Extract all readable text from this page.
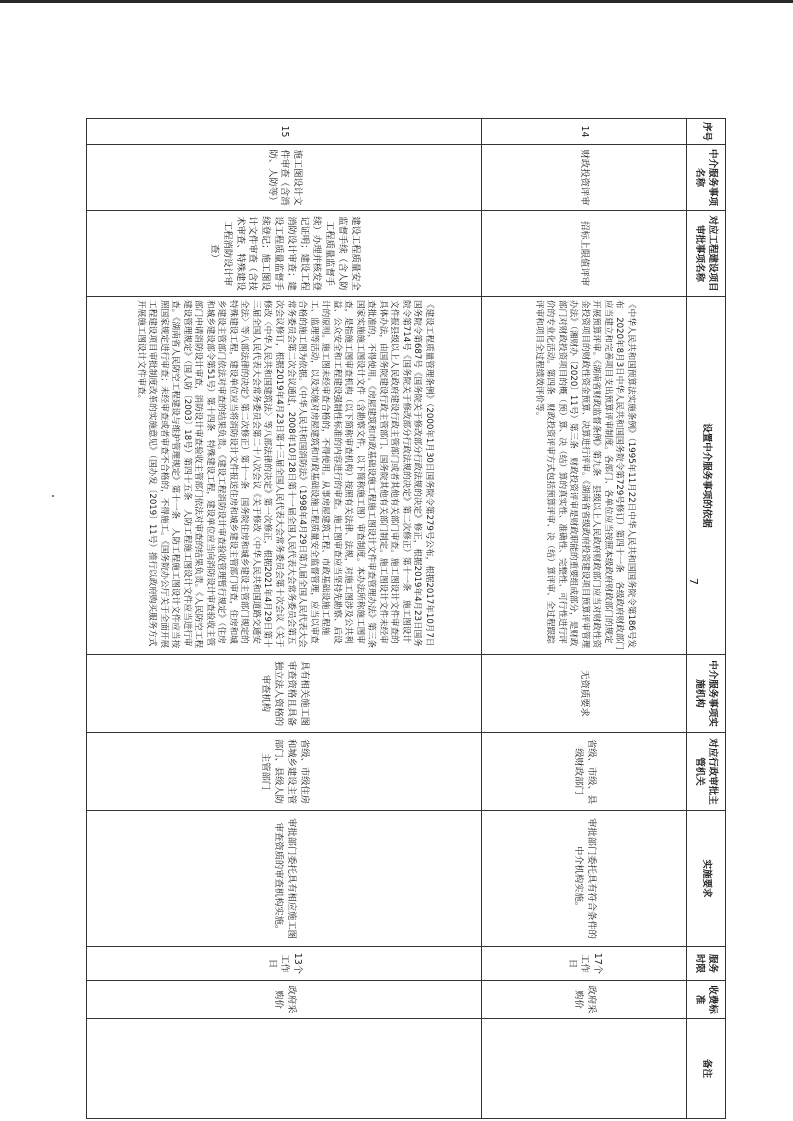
7
序号	中介服务事项名称	对应工程建设项目审批事项名称	设置中介服务事项的依据	中介服务事项实施机构	对应行政审批主管机关	实施要求	服务时限	收费标准	备注
14	财政投资评审	招标上限值评审	《中华人民共和国预算法实施条例》（1995年11月22日中华人民共和国国务院令第186号发布　2020年8月3日中华人民共和国国务院令第729号修订）第四十一条　各级政府财政部门应当建立和完善项目支出预算评审制度。各部门、各单位应当按照本级政府财政部门的规定开展预算评审。《湖南省财政监督条例》第九条　县级以上人民政府财政部门应当对财政性资金投资项目的财政性资金预算、决算进行评审。《湖南省省级政府投资建设项目预算评审管理办法》（湘财办〔2020〕11号）第三条　财政投资评审是财政职能的重要组成部分，是财政部门对财政投资项目的概（预）算、决（结）算的真实性、准确性、完整性、可行性进行评价的专业化活动。第四条　财政投资评审方式包括预算评审、决（结）算评审、全过程跟踪评审和项目全过程绩效评价等。	无资质要求	省级、市级、县级财政部门	审批部门委托具有符合条件的中介机构实施。	17个工作日	政府采购价	
15	施工图设计文件审查（含消防、人防等）	建设工程质量安全监督手续（含人防工程质量监督手续）办理并核发登记证明；建设工程消防设计审查；建设工程质量监督手续登记；施工图设计文件审查（含技术审查、特殊建设工程消防设计审查）	《建设工程质量管理条例》（2000年1月30日国务院令第279号公布，根据2017年10月7日国务院令第687号《国务院关于修改部分行政法规的决定》修正，根据2019年4月23日国务院令第714号《国务院关于修改部分行政法规的决定》第二次修正）第十一条　施工图设计文件报县级以上人民政府建设行政主管部门或者其他有关部门审查。施工图设计文件审查的具体办法，由国务院建设行政主管部门、国务院其他有关部门制定。施工图设计文件未经审查批准的，不得使用。《房屋建筑和市政基础设施工程施工图设计文件审查管理办法》第三条　国家实施施工图设计文件（含勘察文件，以下简称施工图）审查制度。本办法所称施工图审查，是指施工图审查机构（以下简称审查机构）按照有关法律、法规，对施工图涉及公共利益、公众安全和工程建设强制性标准的内容进行的审查。施工图审查应当坚持先勘察、后设计的原则。施工图未经审查合格的，不得使用。从事房屋建筑工程、市政基础设施工程施工、监理等活动，以及实施对房屋建筑和市政基础设施工程质量安全监督管理，应当以审查合格的施工图为依据。《中华人民共和国消防法》（1998年4月29日第九届全国人民代表大会常务委员会第二次会议通过，2008年10月28日第十一届全国人民代表大会常务委员会第五次会议修订，根据2019年4月23日第十三届全国人民代表大会常务委员会第十次会议《关于修改〈中华人民共和国建筑法〉等八部法律的决定》第一次修正，根据2021年4月29日第十三届全国人民代表大会常务委员会第二十八次会议《关于修改〈中华人民共和国道路交通安全法〉等八部法律的决定》第二次修正）第十一条　国务院住房和城乡建设主管部门规定的特殊建设工程，建设单位应当将消防设计文件报送住房和城乡建设主管部门审查，住房和城乡建设主管部门依法对审查的结果负责。《建设工程消防设计审查验收管理暂行规定》（住房和城乡建设部令第51号）第十四条　特殊建设工程，建设单位应当向消防设计审查验收主管部门申请消防设计审查，消防设计审查验收主管部门依法对审查的结果负责。《人民防空工程建设管理规定》（国人防〔2003〕18号）第四十五条　人防工程施工图设计文件应当进行审查。《湖南省人民防空工程建设与维护管理规定》第十一条　人防工程施工图设计文件应当按照国家规定进行审查；未经审查或者审查不合格的，不得施工。《国务院办公厅关于全面开展工程建设项目审批制度改革的实施意见》（国办发〔2019〕11号）推行以政府购买服务方式开展施工图设计文件审查。	具有相关施工图审查资格且具备独立法人资格的审查机构	省级、市级住房和城乡建设主管部门、县级人防主管部门	审批部门委托具有相应施工图审查资质的审查机构实施。	13个工作日	政府采购价	
